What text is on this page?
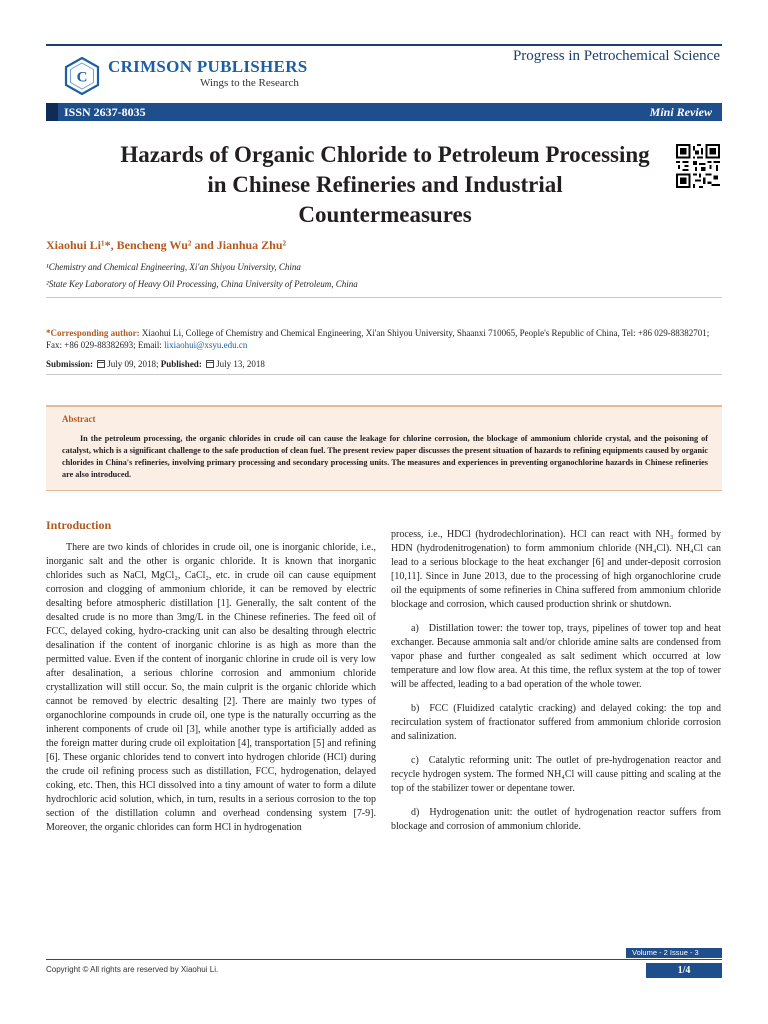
C
CRIMSON PUBLISHERS
Wings to the Research
Progress in Petrochemical Science
ISSN 2637-8035	Mini Review
Hazards of Organic Chloride to Petroleum Processing in Chinese Refineries and Industrial Countermeasures
Xiaohui Li¹*, Bencheng Wu² and Jianhua Zhu²
¹Chemistry and Chemical Engineering, Xi'an Shiyou University, China
²State Key Laboratory of Heavy Oil Processing, China University of Petroleum, China
*Corresponding author: Xiaohui Li, College of Chemistry and Chemical Engineering, Xi'an Shiyou University, Shaanxi 710065, People's Republic of China, Tel: +86 029-88382701; Fax: +86 029-88382693; Email: lixiaohui@xsyu.edu.cn
Submission: July 09, 2018; Published: July 13, 2018
Abstract

In the petroleum processing, the organic chlorides in crude oil can cause the leakage for chlorine corrosion, the blockage of ammonium chloride crystal, and the poisoning of catalyst, which is a significant challenge to the safe production of clean fuel. The present review paper discusses the present situation of hazards to refining equipments caused by organic chlorides in China's refineries, involving primary processing and secondary processing units. The measures and experiences in preventing organochlorine hazards in Chinese refineries are also introduced.

Introduction

There are two kinds of chlorides in crude oil, one is inorganic chloride, i.e., inorganic salt and the other is organic chloride. It is known that inorganic chlorides such as NaCl, MgCl₂, CaCl₂, etc. in crude oil can cause equipment corrosion and clogging of ammonium chloride, it can be removed by electric desalting before atmospheric distillation [1]. Generally, the salt content of the desalted crude is no more than 3mg/L in the Chinese refineries. The feed oil of FCC, delayed coking, hydro-cracking unit can also be desalting through electric desalination if the content of inorganic chlorine is as high as more than the permitted value. Even if the content of inorganic chlorine in crude oil is very low after desalination, a serious chlorine corrosion and ammonium chloride crystallization will still occur. So, the main culprit is the organic chloride which cannot be removed by electric desalting [2]. There are mainly two types of organochlorine compounds in crude oil, one type is the naturally occurring as the inherent components of crude oil [3], while another type is artificially added as the foreign matter during crude oil exploitation [4], transportation [5] and refining [6]. These organic chlorides tend to convert into hydrogen chloride (HCl) during the crude oil refining process such as distillation, FCC, hydrogenation, delayed coking, etc. Then, this HCl dissolved into a tiny amount of water to form a dilute hydrochloric acid solution, which, in turn, results in a serious corrosion to the top section of the distillation column and overhead condensing system [7-9]. Moreover, the organic chlorides can form HCl in hydrogenation

process, i.e., HDCl (hydrodechlorination). HCl can react with NH₃ formed by HDN (hydrodenitrogenation) to form ammonium chloride (NH₄Cl). NH₄Cl can lead to a serious blockage to the heat exchanger [6] and under-deposit corrosion [10,11]. Since in June 2013, due to the processing of high organochlorine crude oil the equipments of some refineries in China suffered from ammonium chloride blockage and corrosion, which caused production shrink or shutdown.

a) Distillation tower: the tower top, trays, pipelines of tower top and heat exchanger. Because ammonia salt and/or chloride amine salts are condensed from vapor phase and further congealed as salt sediment which occurred at low temperature and low flow area. At this time, the reflux system at the top of tower will be affected, leading to a bad operation of the whole tower.

b) FCC (Fluidized catalytic cracking) and delayed coking: the top and recirculation system of fractionator suffered from ammonium chloride corrosion and salinization.

c) Catalytic reforming unit: The outlet of pre-hydrogenation reactor and recycle hydrogen system. The formed NH₄Cl will cause pitting and scaling at the top of the stabilizer tower or depentane tower.

d) Hydrogenation unit: the outlet of hydrogenation reactor suffers from blockage and corrosion of ammonium chloride.

Volume - 2 Issue - 3
Copyright © All rights are reserved by Xiaohui Li.	1/4
